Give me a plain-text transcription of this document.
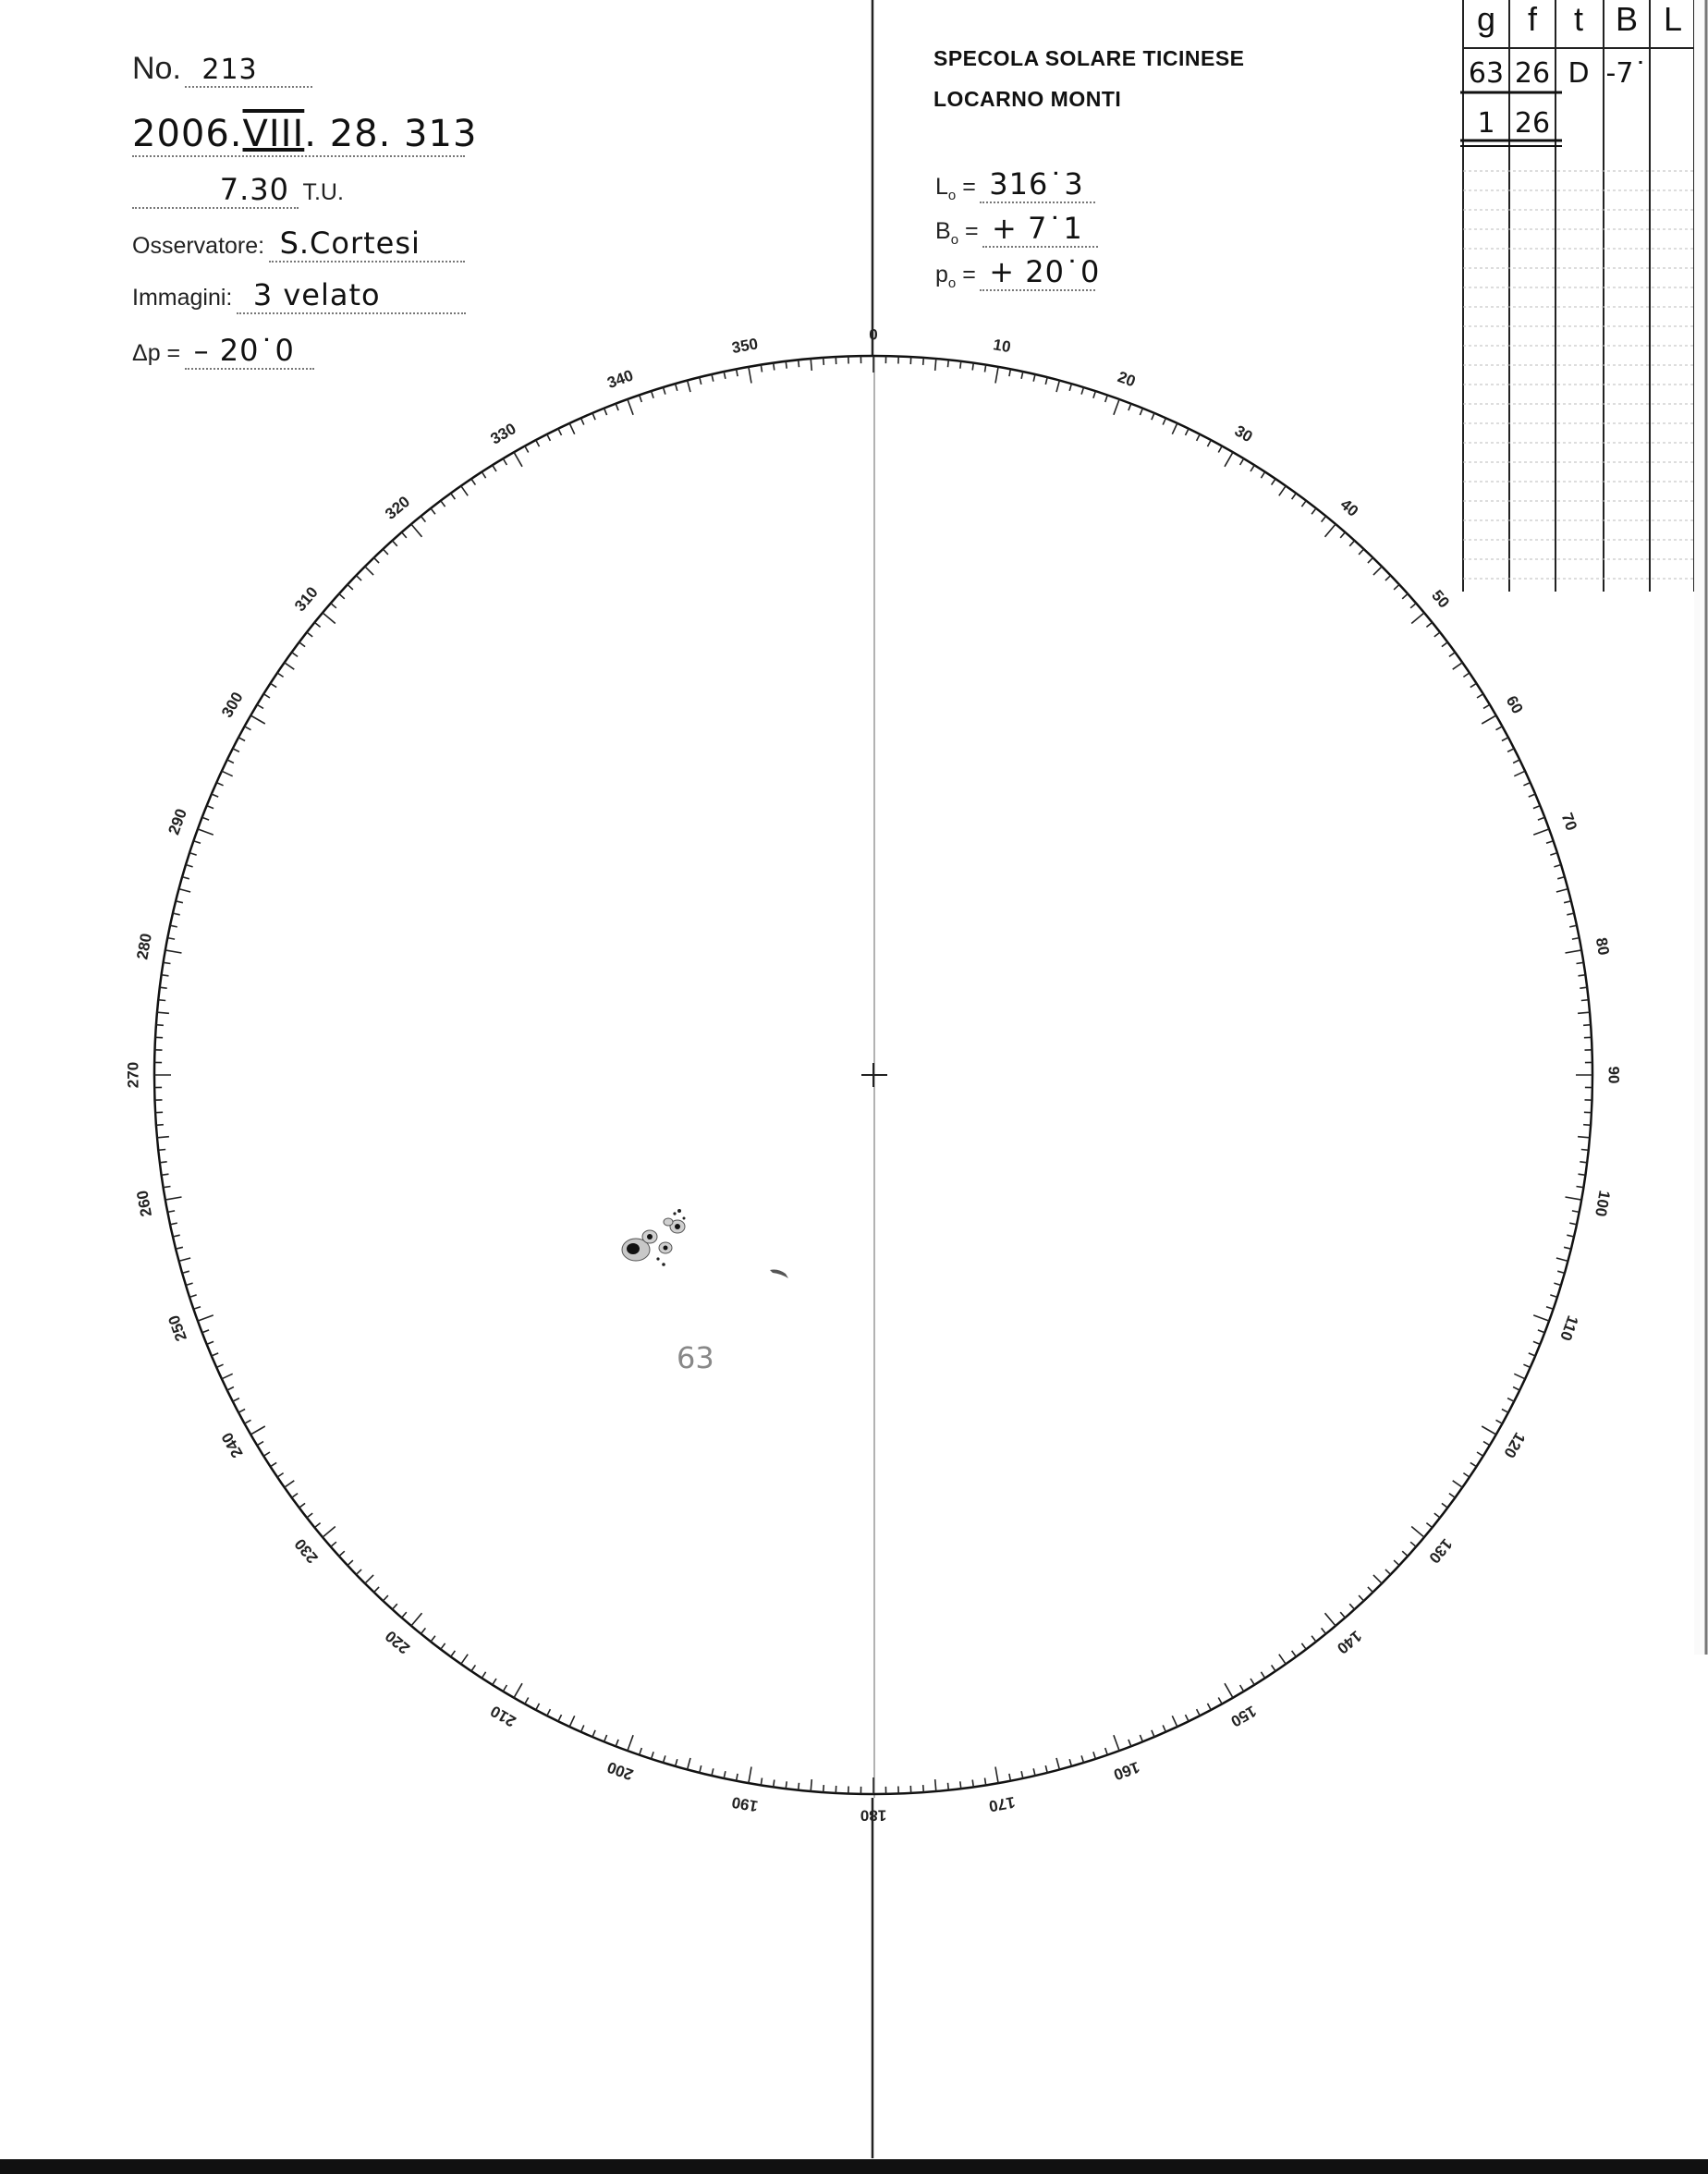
No. 213
2006.VIII. 28. 313
7.30 T.U.
Osservatore: S.Cortesi
Immagini: 3 velato
Δp = – 20˙0
SPECOLA SOLARE TICINESE
LOCARNO MONTI
$L_o$ = 316˙3
$B_o$ = + 7˙1
$p_o$ = + 20˙0
0
10
20
30
40
50
60
70
80
90
100
110
120
130
140
150
160
170
180
190
200
210
220
230
240
250
260
270
280
290
300
310
320
330
340
350
63
g f	t B L
63 26 D -7˙
1 26
